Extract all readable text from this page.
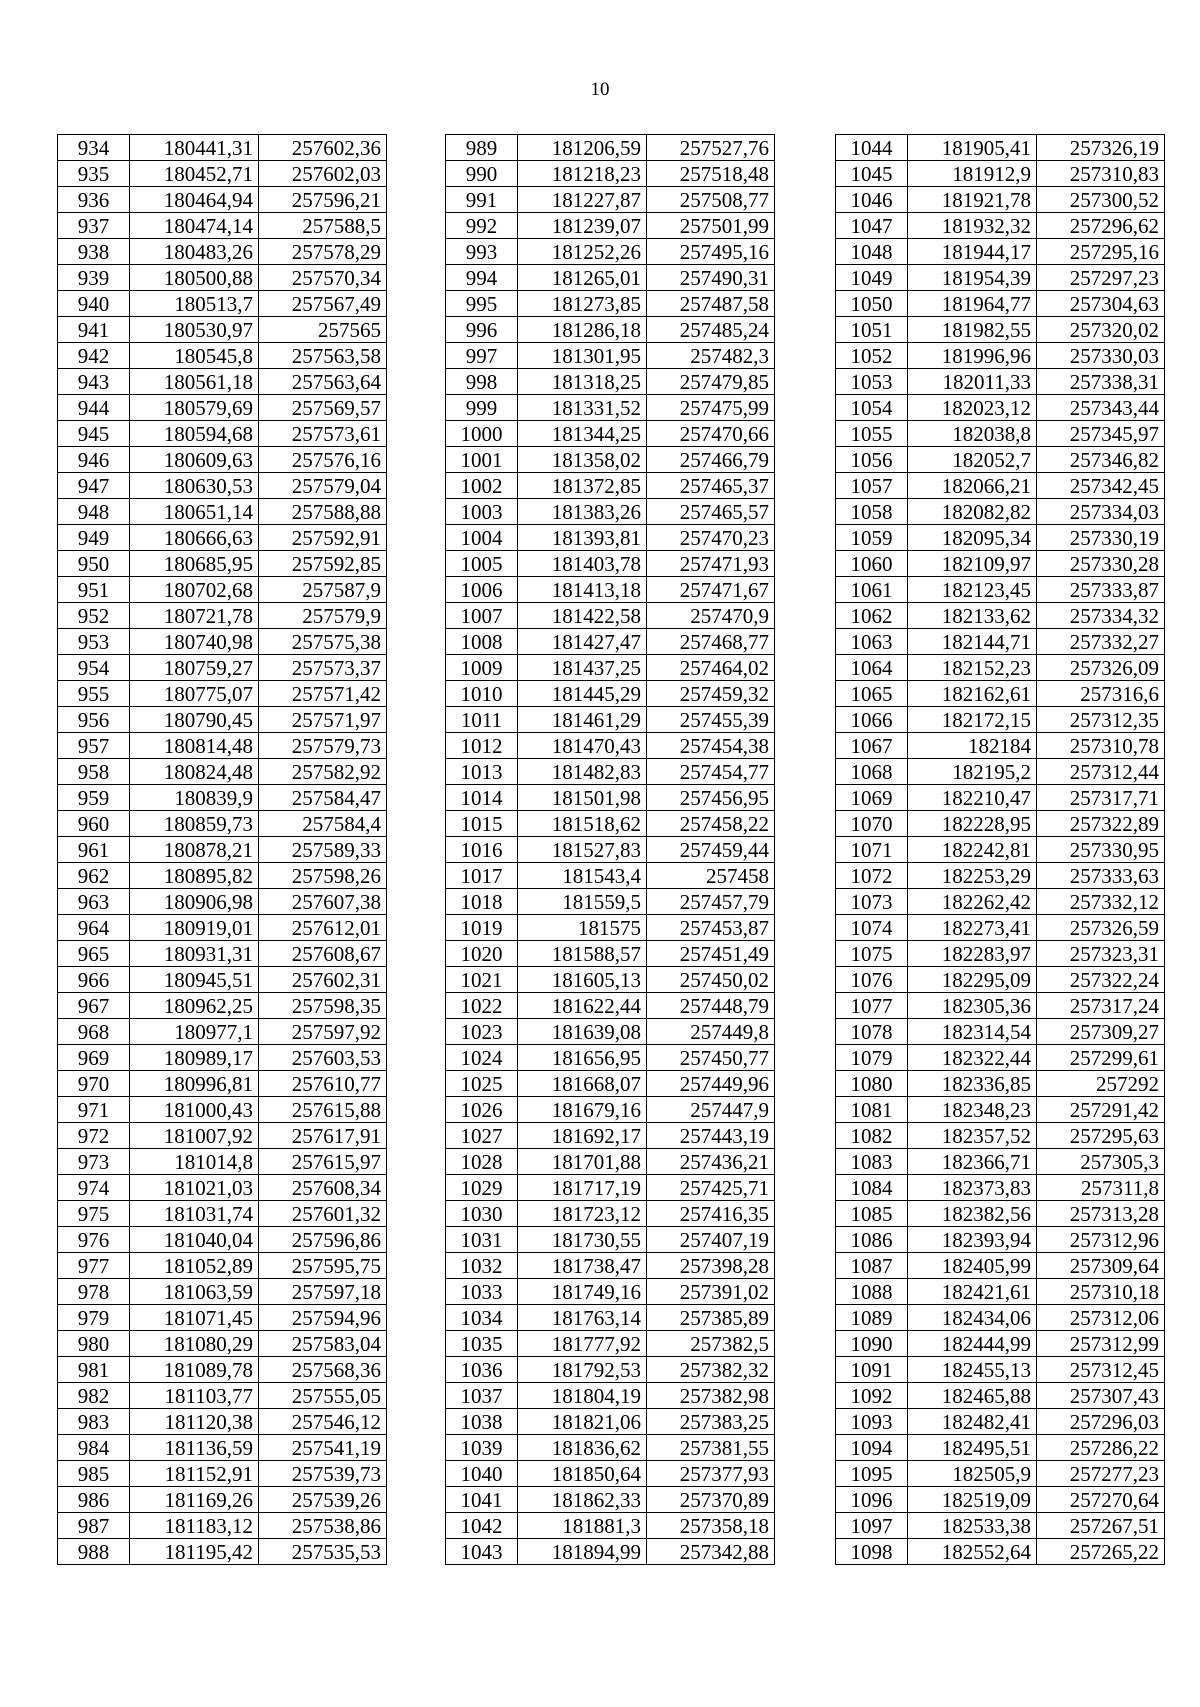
10
934	180441,31	257602,36
935	180452,71	257602,03
936	180464,94	257596,21
937	180474,14	257588,5
938	180483,26	257578,29
939	180500,88	257570,34
940	180513,7	257567,49
941	180530,97	257565
942	180545,8	257563,58
943	180561,18	257563,64
944	180579,69	257569,57
945	180594,68	257573,61
946	180609,63	257576,16
947	180630,53	257579,04
948	180651,14	257588,88
949	180666,63	257592,91
950	180685,95	257592,85
951	180702,68	257587,9
952	180721,78	257579,9
953	180740,98	257575,38
954	180759,27	257573,37
955	180775,07	257571,42
956	180790,45	257571,97
957	180814,48	257579,73
958	180824,48	257582,92
959	180839,9	257584,47
960	180859,73	257584,4
961	180878,21	257589,33
962	180895,82	257598,26
963	180906,98	257607,38
964	180919,01	257612,01
965	180931,31	257608,67
966	180945,51	257602,31
967	180962,25	257598,35
968	180977,1	257597,92
969	180989,17	257603,53
970	180996,81	257610,77
971	181000,43	257615,88
972	181007,92	257617,91
973	181014,8	257615,97
974	181021,03	257608,34
975	181031,74	257601,32
976	181040,04	257596,86
977	181052,89	257595,75
978	181063,59	257597,18
979	181071,45	257594,96
980	181080,29	257583,04
981	181089,78	257568,36
982	181103,77	257555,05
983	181120,38	257546,12
984	181136,59	257541,19
985	181152,91	257539,73
986	181169,26	257539,26
987	181183,12	257538,86
988	181195,42	257535,53
989	181206,59	257527,76
990	181218,23	257518,48
991	181227,87	257508,77
992	181239,07	257501,99
993	181252,26	257495,16
994	181265,01	257490,31
995	181273,85	257487,58
996	181286,18	257485,24
997	181301,95	257482,3
998	181318,25	257479,85
999	181331,52	257475,99
1000	181344,25	257470,66
1001	181358,02	257466,79
1002	181372,85	257465,37
1003	181383,26	257465,57
1004	181393,81	257470,23
1005	181403,78	257471,93
1006	181413,18	257471,67
1007	181422,58	257470,9
1008	181427,47	257468,77
1009	181437,25	257464,02
1010	181445,29	257459,32
1011	181461,29	257455,39
1012	181470,43	257454,38
1013	181482,83	257454,77
1014	181501,98	257456,95
1015	181518,62	257458,22
1016	181527,83	257459,44
1017	181543,4	257458
1018	181559,5	257457,79
1019	181575	257453,87
1020	181588,57	257451,49
1021	181605,13	257450,02
1022	181622,44	257448,79
1023	181639,08	257449,8
1024	181656,95	257450,77
1025	181668,07	257449,96
1026	181679,16	257447,9
1027	181692,17	257443,19
1028	181701,88	257436,21
1029	181717,19	257425,71
1030	181723,12	257416,35
1031	181730,55	257407,19
1032	181738,47	257398,28
1033	181749,16	257391,02
1034	181763,14	257385,89
1035	181777,92	257382,5
1036	181792,53	257382,32
1037	181804,19	257382,98
1038	181821,06	257383,25
1039	181836,62	257381,55
1040	181850,64	257377,93
1041	181862,33	257370,89
1042	181881,3	257358,18
1043	181894,99	257342,88
1044	181905,41	257326,19
1045	181912,9	257310,83
1046	181921,78	257300,52
1047	181932,32	257296,62
1048	181944,17	257295,16
1049	181954,39	257297,23
1050	181964,77	257304,63
1051	181982,55	257320,02
1052	181996,96	257330,03
1053	182011,33	257338,31
1054	182023,12	257343,44
1055	182038,8	257345,97
1056	182052,7	257346,82
1057	182066,21	257342,45
1058	182082,82	257334,03
1059	182095,34	257330,19
1060	182109,97	257330,28
1061	182123,45	257333,87
1062	182133,62	257334,32
1063	182144,71	257332,27
1064	182152,23	257326,09
1065	182162,61	257316,6
1066	182172,15	257312,35
1067	182184	257310,78
1068	182195,2	257312,44
1069	182210,47	257317,71
1070	182228,95	257322,89
1071	182242,81	257330,95
1072	182253,29	257333,63
1073	182262,42	257332,12
1074	182273,41	257326,59
1075	182283,97	257323,31
1076	182295,09	257322,24
1077	182305,36	257317,24
1078	182314,54	257309,27
1079	182322,44	257299,61
1080	182336,85	257292
1081	182348,23	257291,42
1082	182357,52	257295,63
1083	182366,71	257305,3
1084	182373,83	257311,8
1085	182382,56	257313,28
1086	182393,94	257312,96
1087	182405,99	257309,64
1088	182421,61	257310,18
1089	182434,06	257312,06
1090	182444,99	257312,99
1091	182455,13	257312,45
1092	182465,88	257307,43
1093	182482,41	257296,03
1094	182495,51	257286,22
1095	182505,9	257277,23
1096	182519,09	257270,64
1097	182533,38	257267,51
1098	182552,64	257265,22
